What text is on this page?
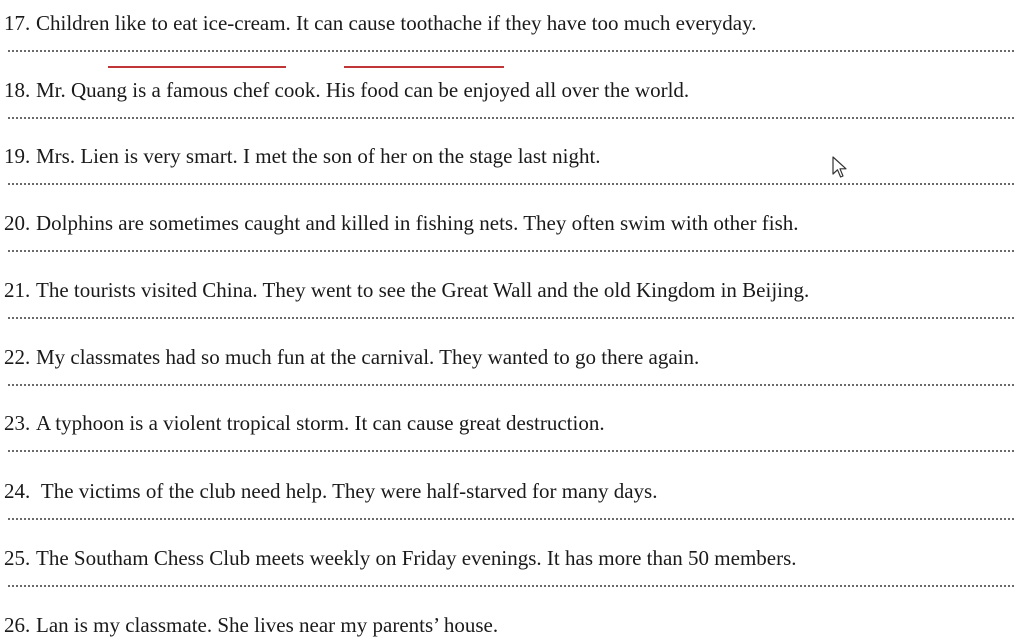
17. Children like to eat ice-cream. It can cause toothache if they have too much everyday.
18. Mr. Quang is a famous chef cook. His food can be enjoyed all over the world.
19. Mrs. Lien is very smart. I met the son of her on the stage last night.
20. Dolphins are sometimes caught and killed in fishing nets. They often swim with other fish.
21. The tourists visited China. They went to see the Great Wall and the old Kingdom in Beijing.
22. My classmates had so much fun at the carnival. They wanted to go there again.
23. A typhoon is a violent tropical storm. It can cause great destruction.
24. The victims of the club need help. They were half-starved for many days.
25. The Southam Chess Club meets weekly on Friday evenings. It has more than 50 members.
26. Lan is my classmate. She lives near my parents’ house.
